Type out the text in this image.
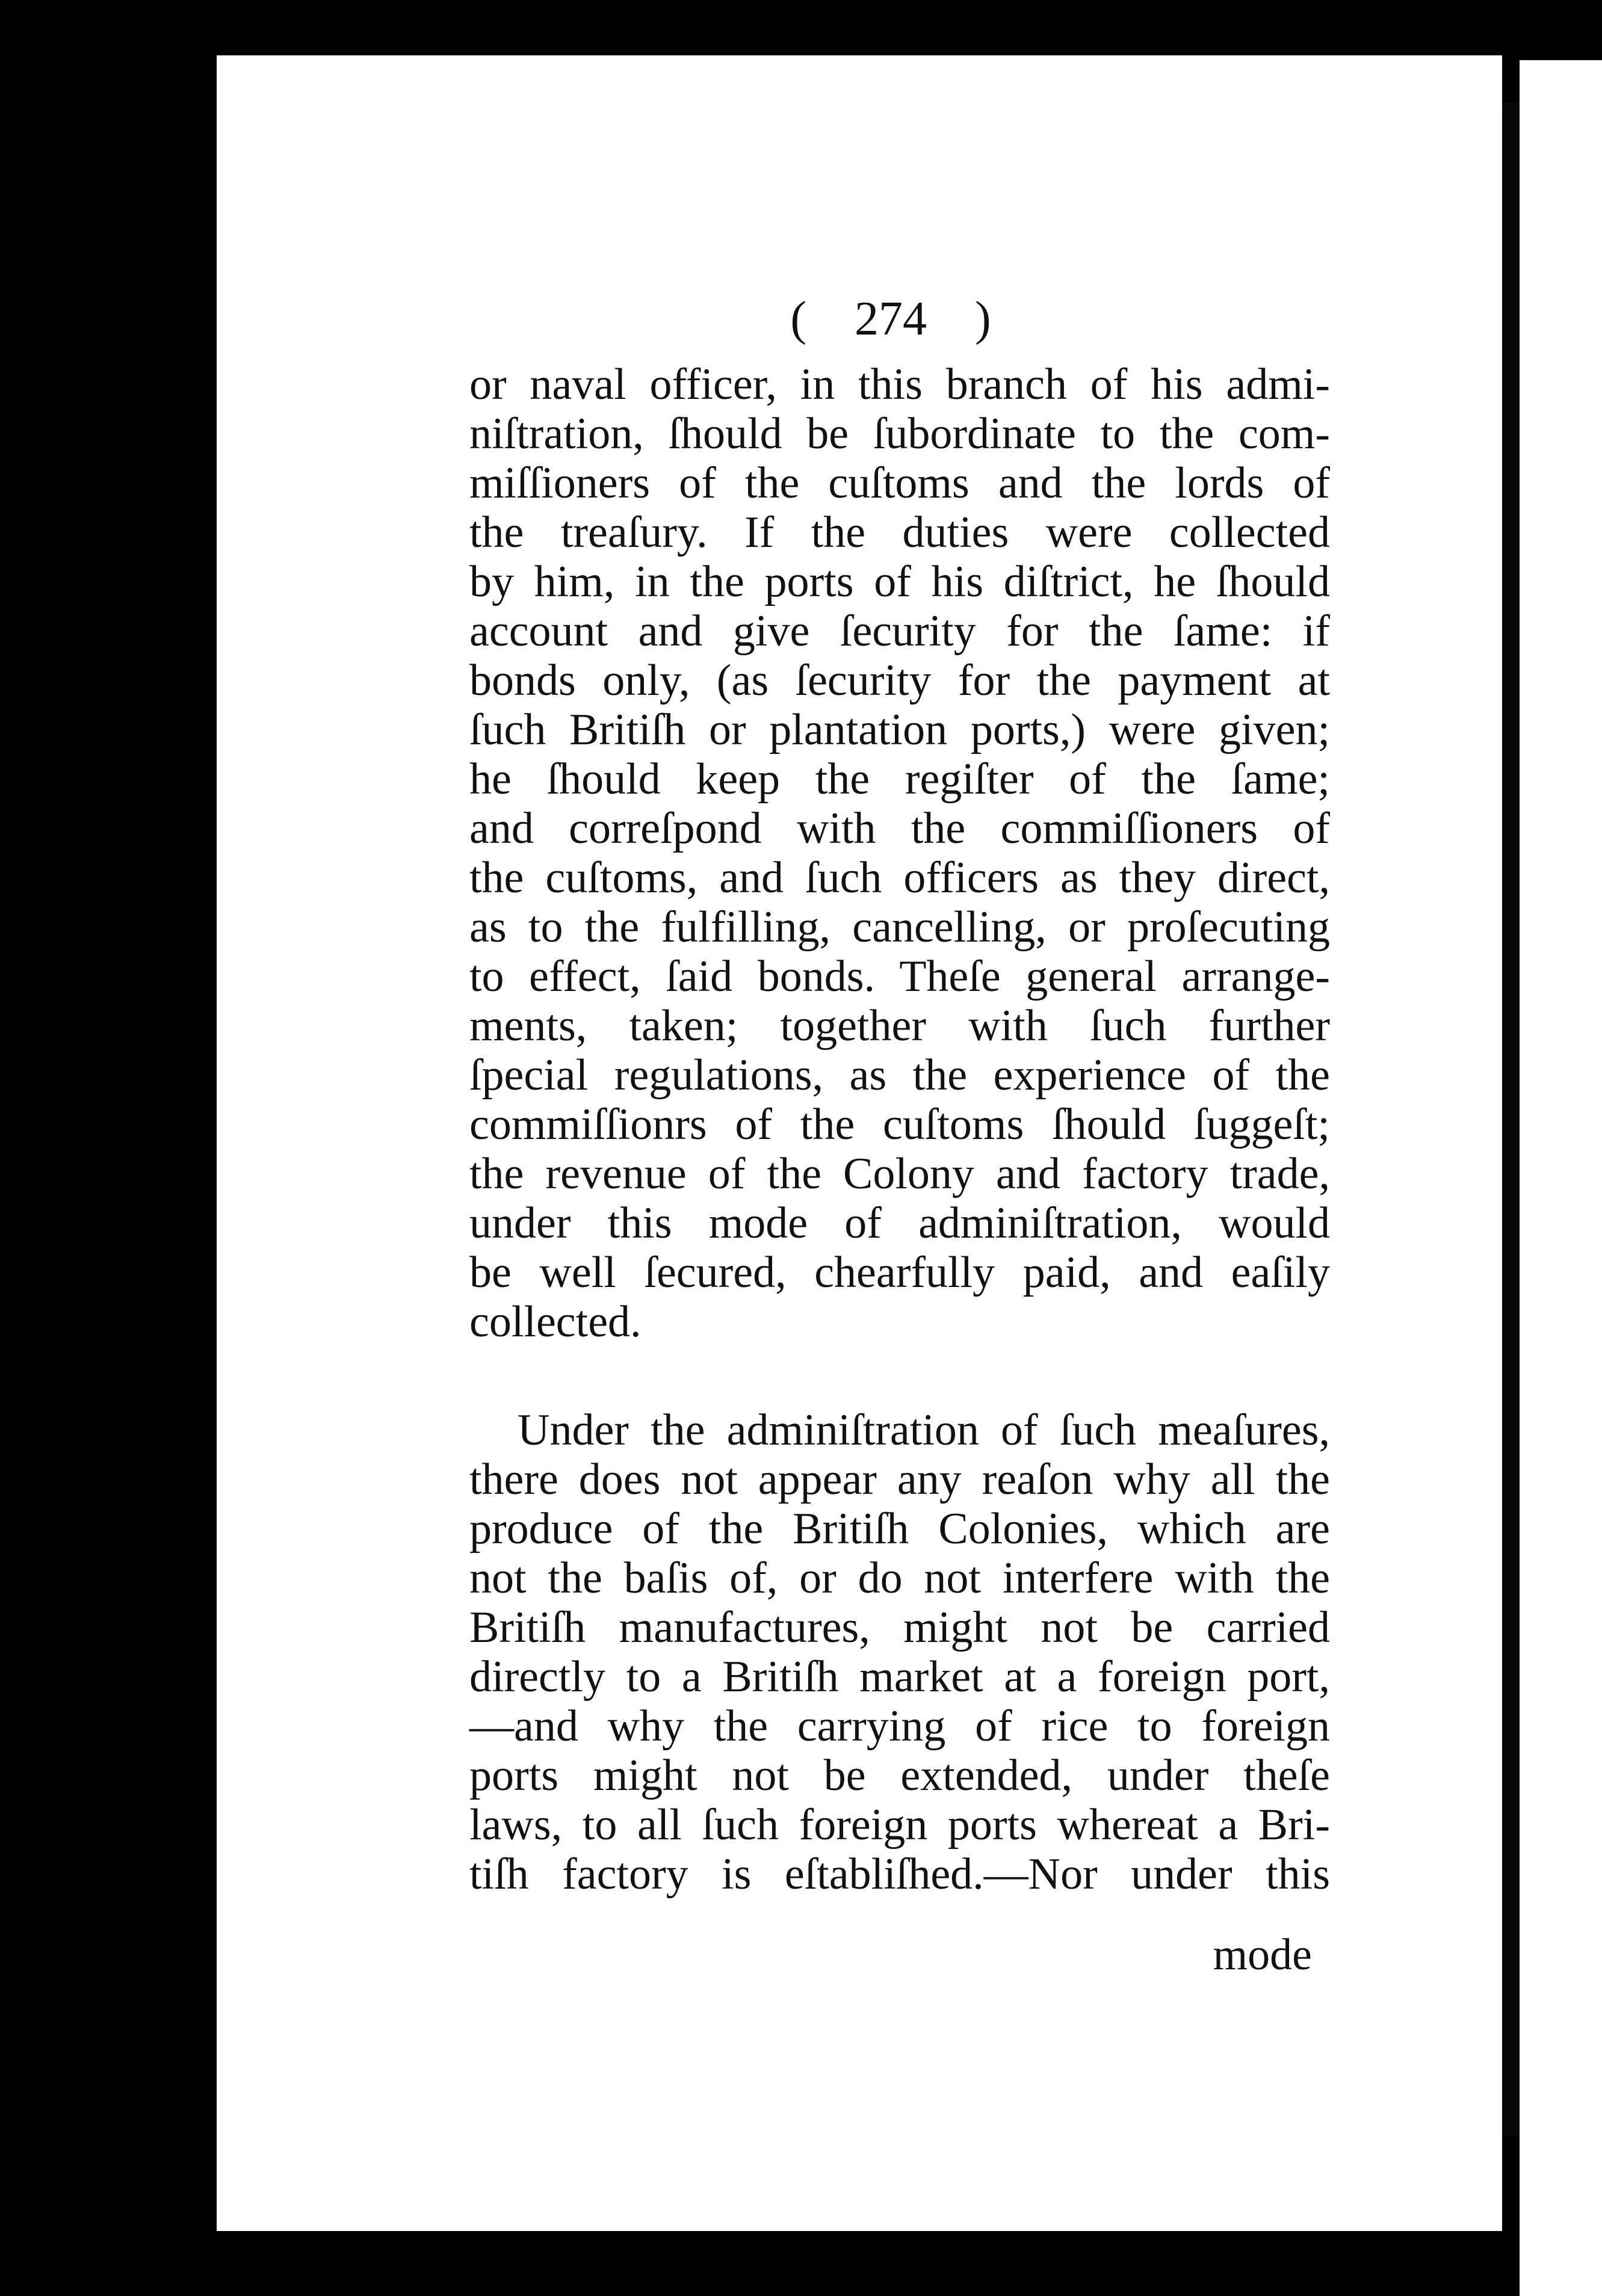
( 274 )
or naval officer, in this branch of his admi-
niſtration, ſhould be ſubordinate to the com-
miſſioners of the cuſtoms and the lords of
the treaſury. If the duties were collected
by him, in the ports of his diſtrict, he ſhould
account and give ſecurity for the ſame: if
bonds only, (as ſecurity for the payment at
ſuch Britiſh or plantation ports,) were given;
he ſhould keep the regiſter of the ſame;
and correſpond with the commiſſioners of
the cuſtoms, and ſuch officers as they direct,
as to the fulfilling, cancelling, or proſecuting
to effect, ſaid bonds. Theſe general arrange-
ments, taken; together with ſuch further
ſpecial regulations, as the experience of the
commiſſionrs of the cuſtoms ſhould ſuggeſt;
the revenue of the Colony and factory trade,
under this mode of adminiſtration, would
be well ſecured, chearfully paid, and eaſily
collected.
Under the adminiſtration of ſuch meaſures,
there does not appear any reaſon why all the
produce of the Britiſh Colonies, which are
not the baſis of, or do not interfere with the
Britiſh manufactures, might not be carried
directly to a Britiſh market at a foreign port,
—and why the carrying of rice to foreign
ports might not be extended, under theſe
laws, to all ſuch foreign ports whereat a Bri-
tiſh factory is eſtabliſhed.—Nor under this
mode
